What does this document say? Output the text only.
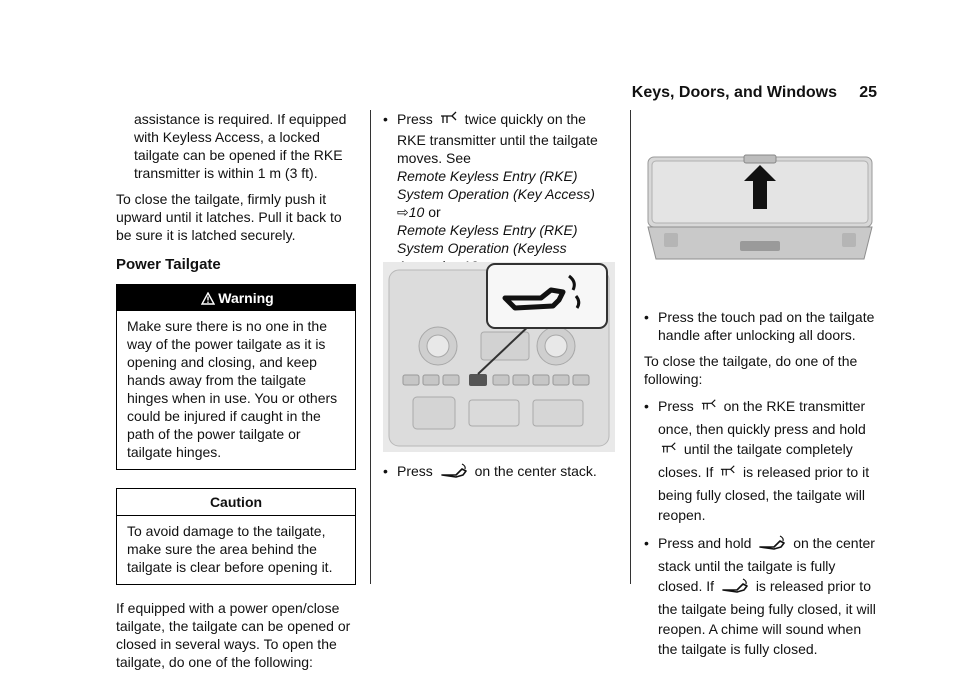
Keys, Doors, and Windows 25

assistance is required. If equipped with Keyless Access, a locked tailgate can be opened if the RKE transmitter is within 1 m (3 ft).

To close the tailgate, firmly push it upward until it latches. Pull it back to be sure it is latched securely.

Power Tailgate
Warning
Make sure there is no one in the way of the power tailgate as it is opening and closing, and keep hands away from the tailgate hinges when in use. You or others could be injured if caught in the path of the power tailgate or tailgate hinges.
Caution
To avoid damage to the tailgate, make sure the area behind the tailgate is clear before opening it.

If equipped with a power open/close tailgate, the tailgate can be opened or closed in several ways. To open the tailgate, do one of the following:

• Press twice quickly on the RKE transmitter until the tailgate moves. See
Remote Keyless Entry (RKE) System Operation (Key Access) ⇨10 or
Remote Keyless Entry (RKE) System Operation (Keyless

• Press	on the center stack.
• Press the touch pad on the tailgate handle after unlocking all doors.

To close the tailgate, do one of the following:

• Press on the RKE transmitter once, then quickly press and hold  until the tailgate completely closes. If is released prior to it being fully closed, the tailgate will reopen.
• Press and hold	on the center stack until the tailgate is fully closed. If	is released prior to the tailgate being fully closed, it will reopen. A chime will sound when the tailgate is fully closed.
